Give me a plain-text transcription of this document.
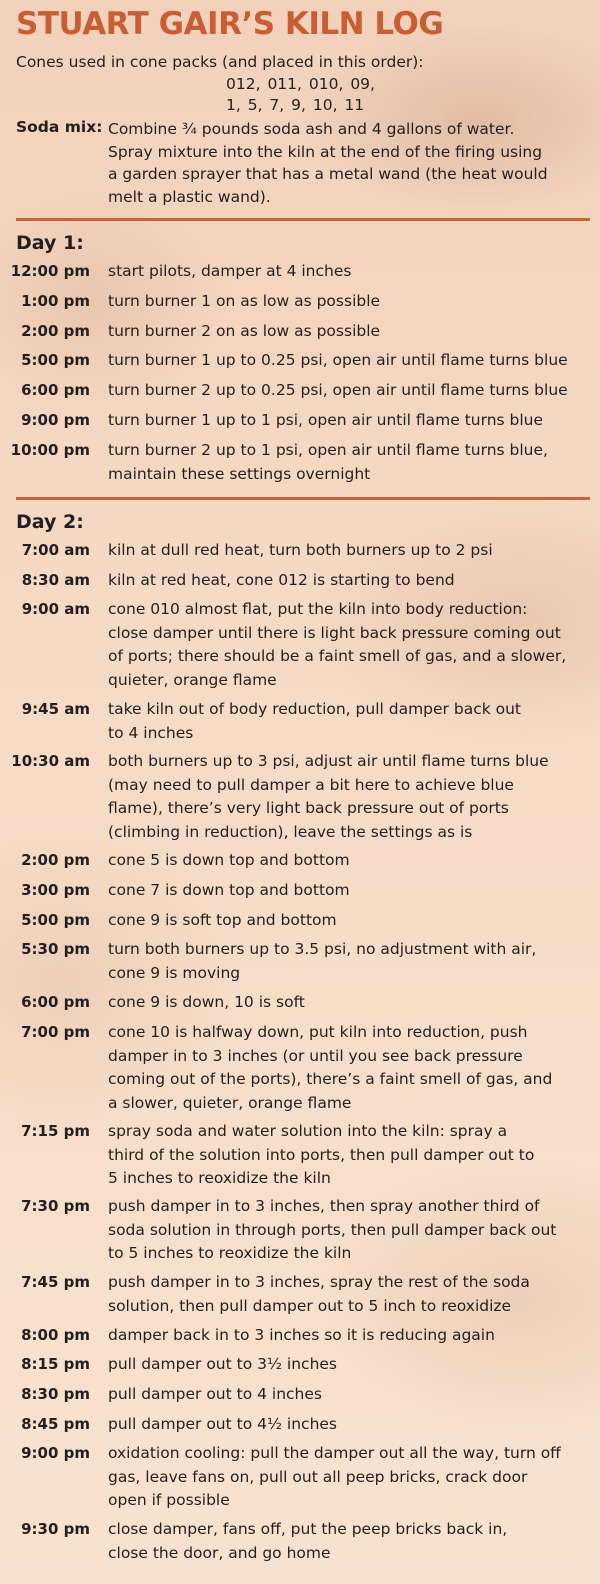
STUART GAIR’S KILN LOG
Cones used in cone packs (and placed in this order):
012, 011, 010, 09,
1, 5, 7, 9, 10, 11
Soda mix: Combine ¾ pounds soda ash and 4 gallons of water.
Spray mixture into the kiln at the end of the firing using
a garden sprayer that has a metal wand (the heat would
melt a plastic wand).
Day 1:
12:00 pm start pilots, damper at 4 inches
1:00 pm turn burner 1 on as low as possible
2:00 pm turn burner 2 on as low as possible
5:00 pm turn burner 1 up to 0.25 psi, open air until flame turns blue
6:00 pm turn burner 2 up to 0.25 psi, open air until flame turns blue
9:00 pm turn burner 1 up to 1 psi, open air until flame turns blue
10:00 pm turn burner 2 up to 1 psi, open air until flame turns blue,
maintain these settings overnight
Day 2:
7:00 am kiln at dull red heat, turn both burners up to 2 psi
8:30 am kiln at red heat, cone 012 is starting to bend
9:00 am cone 010 almost flat, put the kiln into body reduction:
close damper until there is light back pressure coming out
of ports; there should be a faint smell of gas, and a slower,
quieter, orange flame
9:45 am take kiln out of body reduction, pull damper back out
to 4 inches
10:30 am both burners up to 3 psi, adjust air until flame turns blue
(may need to pull damper a bit here to achieve blue
flame), there’s very light back pressure out of ports
(climbing in reduction), leave the settings as is
2:00 pm cone 5 is down top and bottom
3:00 pm cone 7 is down top and bottom
5:00 pm cone 9 is soft top and bottom
5:30 pm turn both burners up to 3.5 psi, no adjustment with air,
cone 9 is moving
6:00 pm cone 9 is down, 10 is soft
7:00 pm cone 10 is halfway down, put kiln into reduction, push
damper in to 3 inches (or until you see back pressure
coming out of the ports), there’s a faint smell of gas, and
a slower, quieter, orange flame
7:15 pm spray soda and water solution into the kiln: spray a
third of the solution into ports, then pull damper out to
5 inches to reoxidize the kiln
7:30 pm push damper in to 3 inches, then spray another third of
soda solution in through ports, then pull damper back out
to 5 inches to reoxidize the kiln
7:45 pm push damper in to 3 inches, spray the rest of the soda
solution, then pull damper out to 5 inch to reoxidize
8:00 pm damper back in to 3 inches so it is reducing again
8:15 pm pull damper out to 3½ inches
8:30 pm pull damper out to 4 inches
8:45 pm pull damper out to 4½ inches
9:00 pm oxidation cooling: pull the damper out all the way, turn off
gas, leave fans on, pull out all peep bricks, crack door
open if possible
9:30 pm close damper, fans off, put the peep bricks back in,
close the door, and go home
